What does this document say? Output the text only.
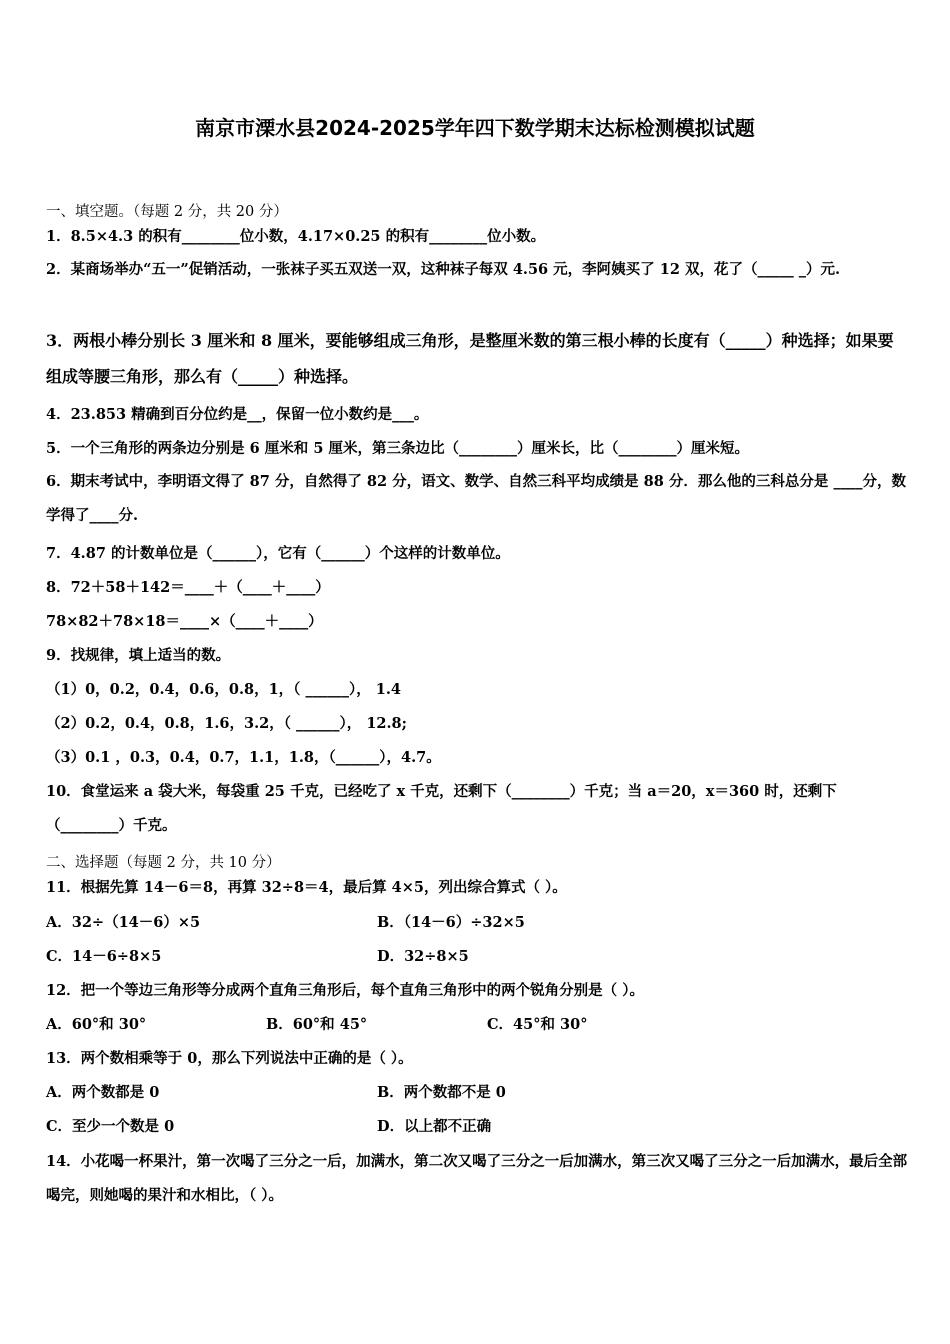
南京市溧水县2024-2025学年四下数学期末达标检测模拟试题
一、填空题。（每题 2 分，共 20 分）
1．8.5×4.3 的积有________位小数，4.17×0.25 的积有________位小数。
2．某商场举办“五一”促销活动，一张袜子买五双送一双，这种袜子每双 4.56 元，李阿姨买了 12 双，花了（_____ _）元.
3．两根小棒分别长 3 厘米和 8 厘米，要能够组成三角形，是整厘米数的第三根小棒的长度有（_____）种选择；如果要组成等腰三角形，那么有（_____）种选择。
4．23.853 精确到百分位约是__，保留一位小数约是___。
5．一个三角形的两条边分别是 6 厘米和 5 厘米，第三条边比（________）厘米长，比（________）厘米短。
6．期末考试中，李明语文得了 87 分，自然得了 82 分，语文、数学、自然三科平均成绩是 88 分．那么他的三科总分是 ____分，数学得了____分.
7．4.87 的计数单位是（______），它有（______）个这样的计数单位。
8．72＋58＋142＝____＋（____＋____）
78×82＋78×18＝____×（____＋____）
9．找规律，填上适当的数。
（1）0，0.2，0.4，0.6，0.8，1，（ ______）， 1.4
（2）0.2，0.4，0.8，1.6，3.2，（ ______）， 12.8;
（3）0.1 ，0.3，0.4，0.7，1.1，1.8，（______），4.7。
10．食堂运来 a 袋大米，每袋重 25 千克，已经吃了 x 千克，还剩下（________）千克；当 a＝20，x＝360 时，还剩下（________）千克。
二、选择题（每题 2 分，共 10 分）
11．根据先算 14－6＝8，再算 32÷8＝4，最后算 4×5，列出综合算式（ ）。
A．32÷（14－6）×5	B．（14－6）÷32×5
C．14－6÷8×5	D．32÷8×5
12．把一个等边三角形等分成两个直角三角形后，每个直角三角形中的两个锐角分别是（ ）。
A．60°和 30°	B．60°和 45°	C．45°和 30°
13．两个数相乘等于 0，那么下列说法中正确的是（ ）。
A．两个数都是 0	B．两个数都不是 0
C．至少一个数是 0	D．以上都不正确
14．小花喝一杯果汁，第一次喝了三分之一后，加满水，第二次又喝了三分之一后加满水，第三次又喝了三分之一后加满水，最后全部喝完，则她喝的果汁和水相比，（ ）。
